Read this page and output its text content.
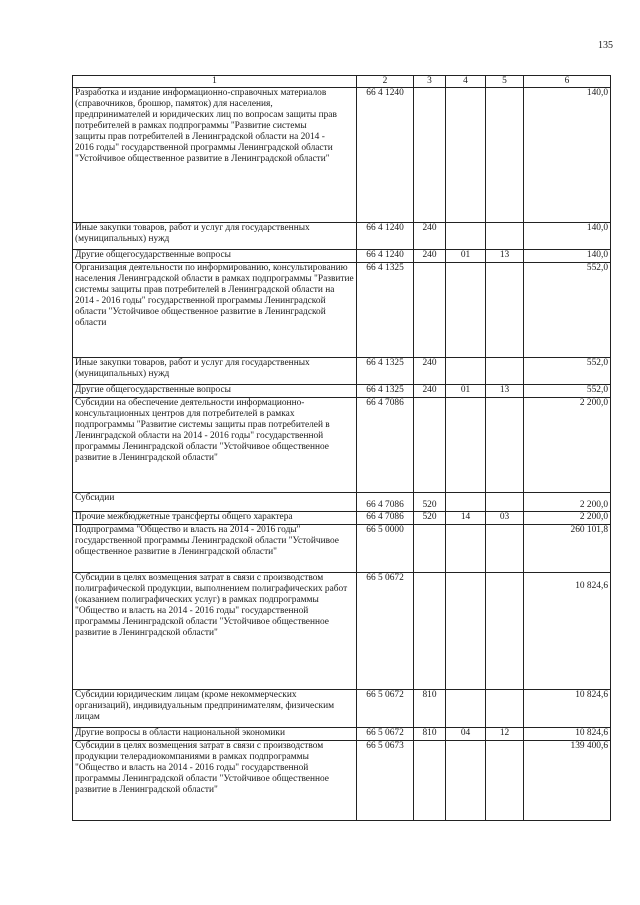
135
1	2	3	4	5	6

Разработка и издание информационно-справочных материалов (справочников, брошюр, памяток) для населения, предпринимателей и юридических лиц по вопросам защиты прав потребителей в рамках подпрограммы "Развитие системы защиты прав потребителей в Ленинградской области на 2014 - 2016 годы" государственной программы Ленинградской области "Устойчивое общественное развитие в Ленинградской области"	66 4 1240				140,0

Иные закупки товаров, работ и услуг для государственных (муниципальных) нужд	66 4 1240	240			140,0

Другие общегосударственные вопросы	66 4 1240	240	01	13	140,0

Организация деятельности по информированию, консультированию населения Ленинградской области в рамках подпрограммы "Развитие системы защиты прав потребителей в Ленинградской области на 2014 - 2016 годы" государственной программы Ленинградской области "Устойчивое общественное развитие в Ленинградской области	66 4 1325				552,0

Иные закупки товаров, работ и услуг для государственных (муниципальных) нужд	66 4 1325	240			552,0

Другие общегосударственные вопросы	66 4 1325	240	01	13	552,0

Субсидии на обеспечение деятельности информационно-консультационных центров для потребителей в рамках подпрограммы "Развитие системы защиты прав потребителей в Ленинградской области на 2014 - 2016 годы" государственной программы Ленинградской области "Устойчивое общественное развитие в Ленинградской области"	66 4 7086				2 200,0

Субсидии	66 4 7086	520			2 200,0

Прочие межбюджетные трансферты общего характера	66 4 7086	520	14	03	2 200,0

Подпрограмма "Общество и власть на 2014 - 2016 годы" государственной программы Ленинградской области "Устойчивое общественное развитие в Ленинградской области"	66 5 0000				260 101,8

Субсидии в целях возмещения затрат в связи с производством полиграфической продукции, выполнением полиграфических работ (оказанием полиграфических услуг) в рамках подпрограммы "Общество и власть на 2014 - 2016 годы" государственной программы Ленинградской области "Устойчивое общественное развитие в Ленинградской области"	66 5 0672				10 824,6

Субсидии юридическим лицам (кроме некоммерческих организаций), индивидуальным предпринимателям, физическим лицам	66 5 0672	810			10 824,6

Другие вопросы в области национальной экономики	66 5 0672	810	04	12	10 824,6

Субсидии в целях возмещения затрат в связи с производством продукции телерадиокомпаниями в рамках подпрограммы "Общество и власть на 2014 - 2016 годы" государственной программы Ленинградской области "Устойчивое общественное развитие в Ленинградской области"	66 5 0673				139 400,6
